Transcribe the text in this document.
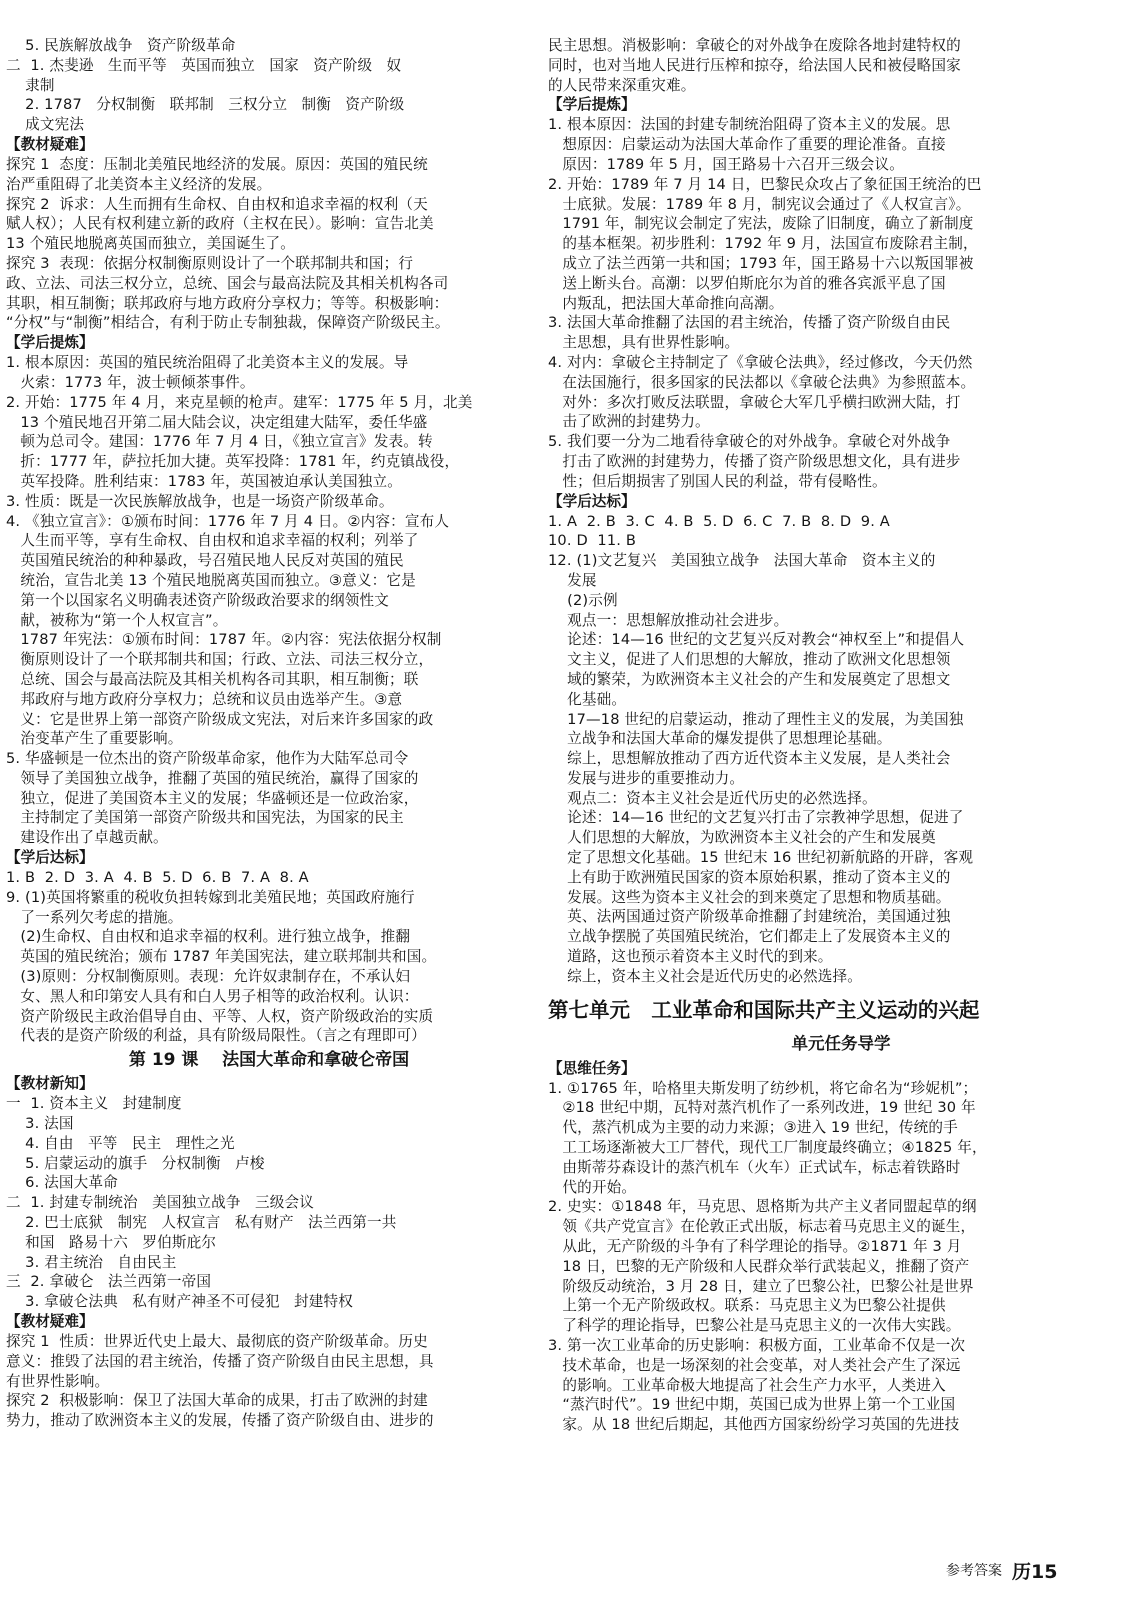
5. 民族解放战争   资产阶级革命
二  1. 杰斐逊   生而平等   英国而独立   国家   资产阶级   奴
隶制
2. 1787   分权制衡   联邦制   三权分立   制衡   资产阶级
成文宪法
【教材疑难】
探究 1  态度：压制北美殖民地经济的发展。原因：英国的殖民统
治严重阻碍了北美资本主义经济的发展。
探究 2  诉求：人生而拥有生命权、自由权和追求幸福的权利（天
赋人权）；人民有权利建立新的政府（主权在民）。影响：宣告北美
13 个殖民地脱离英国而独立，美国诞生了。
探究 3  表现：依据分权制衡原则设计了一个联邦制共和国；行
政、立法、司法三权分立，总统、国会与最高法院及其相关机构各司
其职，相互制衡；联邦政府与地方政府分享权力；等等。积极影响：
“分权”与“制衡”相结合，有利于防止专制独裁，保障资产阶级民主。
【学后提炼】
1. 根本原因：英国的殖民统治阻碍了北美资本主义的发展。导
火索：1773 年，波士顿倾茶事件。
2. 开始：1775 年 4 月，来克星顿的枪声。建军：1775 年 5 月，北美
13 个殖民地召开第二届大陆会议，决定组建大陆军，委任华盛
顿为总司令。建国：1776 年 7 月 4 日，《独立宣言》发表。转
折：1777 年，萨拉托加大捷。英军投降：1781 年，约克镇战役，
英军投降。胜利结束：1783 年，英国被迫承认美国独立。
3. 性质：既是一次民族解放战争，也是一场资产阶级革命。
4. 《独立宣言》：①颁布时间：1776 年 7 月 4 日。②内容：宣布人
人生而平等，享有生命权、自由权和追求幸福的权利；列举了
英国殖民统治的种种暴政，号召殖民地人民反对英国的殖民
统治，宣告北美 13 个殖民地脱离英国而独立。③意义：它是
第一个以国家名义明确表述资产阶级政治要求的纲领性文
献，被称为“第一个人权宣言”。
1787 年宪法：①颁布时间：1787 年。②内容：宪法依据分权制
衡原则设计了一个联邦制共和国；行政、立法、司法三权分立，
总统、国会与最高法院及其相关机构各司其职，相互制衡；联
邦政府与地方政府分享权力；总统和议员由选举产生。③意
义：它是世界上第一部资产阶级成文宪法，对后来许多国家的政
治变革产生了重要影响。
5. 华盛顿是一位杰出的资产阶级革命家，他作为大陆军总司令
领导了美国独立战争，推翻了英国的殖民统治，赢得了国家的
独立，促进了美国资本主义的发展；华盛顿还是一位政治家，
主持制定了美国第一部资产阶级共和国宪法，为国家的民主
建设作出了卓越贡献。
【学后达标】
1. B  2. D  3. A  4. B  5. D  6. B  7. A  8. A
9. (1)英国将繁重的税收负担转嫁到北美殖民地；英国政府施行
了一系列欠考虑的措施。
(2)生命权、自由权和追求幸福的权利。进行独立战争，推翻
英国的殖民统治；颁布 1787 年美国宪法，建立联邦制共和国。
(3)原则：分权制衡原则。表现：允许奴隶制存在，不承认妇
女、黑人和印第安人具有和白人男子相等的政治权利。认识：
资产阶级民主政治倡导自由、平等、人权，资产阶级政治的实质
代表的是资产阶级的利益，具有阶级局限性。（言之有理即可）
第 19 课    法国大革命和拿破仑帝国
【教材新知】
一  1. 资本主义   封建制度
3. 法国
4. 自由   平等   民主   理性之光
5. 启蒙运动的旗手   分权制衡   卢梭
6. 法国大革命
二  1. 封建专制统治   美国独立战争   三级会议
2. 巴士底狱   制宪   人权宣言   私有财产   法兰西第一共
和国   路易十六   罗伯斯庇尔
3. 君主统治   自由民主
三  2. 拿破仑   法兰西第一帝国
3. 拿破仑法典   私有财产神圣不可侵犯   封建特权
【教材疑难】
探究 1  性质：世界近代史上最大、最彻底的资产阶级革命。历史
意义：推毁了法国的君主统治，传播了资产阶级自由民主思想，具
有世界性影响。
探究 2  积极影响：保卫了法国大革命的成果，打击了欧洲的封建
势力，推动了欧洲资本主义的发展，传播了资产阶级自由、进步的
民主思想。消极影响：拿破仑的对外战争在废除各地封建特权的
同时，也对当地人民进行压榨和掠夺，给法国人民和被侵略国家
的人民带来深重灾难。
【学后提炼】
1. 根本原因：法国的封建专制统治阻碍了资本主义的发展。思
想原因：启蒙运动为法国大革命作了重要的理论准备。直接
原因：1789 年 5 月，国王路易十六召开三级会议。
2. 开始：1789 年 7 月 14 日，巴黎民众攻占了象征国王统治的巴
士底狱。发展：1789 年 8 月，制宪议会通过了《人权宣言》。
1791 年，制宪议会制定了宪法，废除了旧制度，确立了新制度
的基本框架。初步胜利：1792 年 9 月，法国宣布废除君主制，
成立了法兰西第一共和国；1793 年，国王路易十六以叛国罪被
送上断头台。高潮：以罗伯斯庇尔为首的雅各宾派平息了国
内叛乱，把法国大革命推向高潮。
3. 法国大革命推翻了法国的君主统治，传播了资产阶级自由民
主思想，具有世界性影响。
4. 对内：拿破仑主持制定了《拿破仑法典》，经过修改，今天仍然
在法国施行，很多国家的民法都以《拿破仑法典》为参照蓝本。
对外：多次打败反法联盟，拿破仑大军几乎横扫欧洲大陆，打
击了欧洲的封建势力。
5. 我们要一分为二地看待拿破仑的对外战争。拿破仑对外战争
打击了欧洲的封建势力，传播了资产阶级思想文化，具有进步
性；但后期损害了别国人民的利益，带有侵略性。
【学后达标】
1. A  2. B  3. C  4. B  5. D  6. C  7. B  8. D  9. A
10. D  11. B
12. (1)文艺复兴   美国独立战争   法国大革命   资本主义的
发展
(2)示例
观点一：思想解放推动社会进步。
论述：14—16 世纪的文艺复兴反对教会“神权至上”和提倡人
文主义，促进了人们思想的大解放，推动了欧洲文化思想领
域的繁荣，为欧洲资本主义社会的产生和发展奠定了思想文
化基础。
17—18 世纪的启蒙运动，推动了理性主义的发展，为美国独
立战争和法国大革命的爆发提供了思想理论基础。
综上，思想解放推动了西方近代资本主义发展，是人类社会
发展与进步的重要推动力。
观点二：资本主义社会是近代历史的必然选择。
论述：14—16 世纪的文艺复兴打击了宗教神学思想，促进了
人们思想的大解放，为欧洲资本主义社会的产生和发展奠
定了思想文化基础。15 世纪末 16 世纪初新航路的开辟，客观
上有助于欧洲殖民国家的资本原始积累，推动了资本主义的
发展。这些为资本主义社会的到来奠定了思想和物质基础。
英、法两国通过资产阶级革命推翻了封建统治，美国通过独
立战争摆脱了英国殖民统治，它们都走上了发展资本主义的
道路，这也预示着资本主义时代的到来。
综上，资本主义社会是近代历史的必然选择。
第七单元   工业革命和国际共产主义运动的兴起
单元任务导学
【思维任务】
1. ①1765 年，哈格里夫斯发明了纺纱机，将它命名为“珍妮机”；
②18 世纪中期，瓦特对蒸汽机作了一系列改进，19 世纪 30 年
代，蒸汽机成为主要的动力来源；③进入 19 世纪，传统的手
工工场逐渐被大工厂替代，现代工厂制度最终确立；④1825 年，
由斯蒂芬森设计的蒸汽机车（火车）正式试车，标志着铁路时
代的开始。
2. 史实：①1848 年，马克思、恩格斯为共产主义者同盟起草的纲
领《共产党宣言》在伦敦正式出版，标志着马克思主义的诞生，
从此，无产阶级的斗争有了科学理论的指导。②1871 年 3 月
18 日，巴黎的无产阶级和人民群众举行武装起义，推翻了资产
阶级反动统治，3 月 28 日，建立了巴黎公社，巴黎公社是世界
上第一个无产阶级政权。联系：马克思主义为巴黎公社提供
了科学的理论指导，巴黎公社是马克思主义的一次伟大实践。
3. 第一次工业革命的历史影响：积极方面，工业革命不仅是一次
技术革命，也是一场深刻的社会变革，对人类社会产生了深远
的影响。工业革命极大地提高了社会生产力水平，人类进入
“蒸汽时代”。19 世纪中期，英国已成为世界上第一个工业国
家。从 18 世纪后期起，其他西方国家纷纷学习英国的先进技
参考答案 历15
